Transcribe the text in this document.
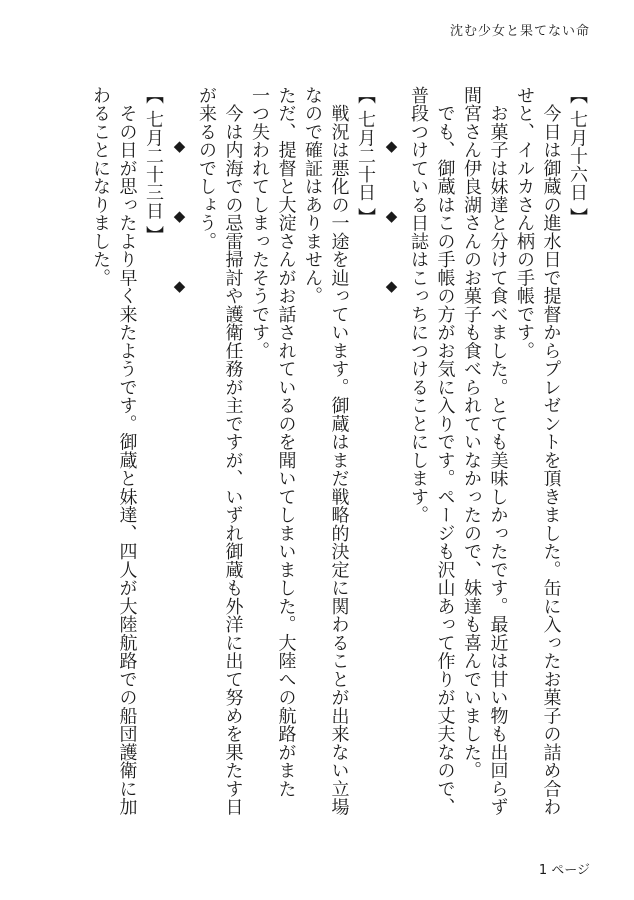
沈む少女と果てない命
【 七月十六日 】
　今日は御蔵の進水日で提督からプレゼントを頂きました。缶に入ったお菓子の詰め合わ
せと、イルカさん柄の手帳です。
　お菓子は妹達と分けて食べました。とても美味しかったです。最近は甘い物も出回らず
間宮さん伊良湖さんのお菓子も食べられていなかったので、妹達も喜んでいました。
　でも、御蔵はこの手帳の方がお気に入りです。ページも沢山あって作りが丈夫なので、
普段つけている日誌はこっちにつけることにします。
◆◆◆
【 七月二十日 】
　戦況は悪化の一途を辿っています。御蔵はまだ戦略的決定に関わることが出来ない立場
なので確証はありません。
ただ、提督と大淀さんがお話されているのを聞いてしまいました。大陸への航路がまた
一つ失われてしまったそうです。
　今は内海での忌雷掃討や護衛任務が主ですが、いずれ御蔵も外洋に出て努めを果たす日
が来るのでしょう。
◆◆◆
【 七月二十三日 】
　その日が思ったより早く来たようです。御蔵と妹達、四人が大陸航路での船団護衛に加
わることになりました。
1 ページ
